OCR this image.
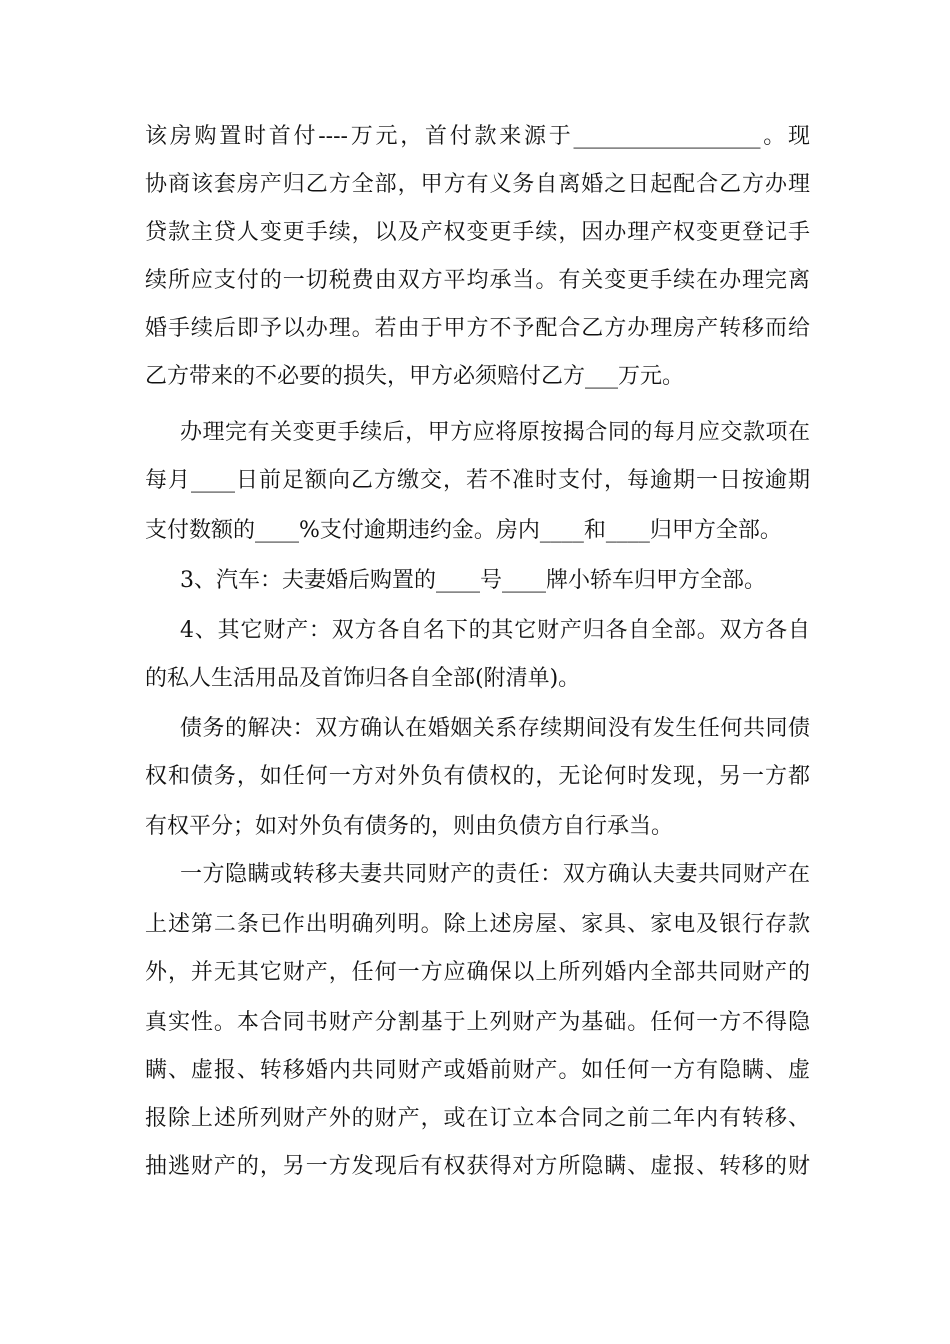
该房购置时首付----万元，首付款来源于_________________。现
协商该套房产归乙方全部，甲方有义务自离婚之日起配合乙方办理
贷款主贷人变更手续，以及产权变更手续，因办理产权变更登记手
续所应支付的一切税费由双方平均承当。有关变更手续在办理完离
婚手续后即予以办理。若由于甲方不予配合乙方办理房产转移而给
乙方带来的不必要的损失，甲方必须赔付乙方___万元。
办理完有关变更手续后，甲方应将原按揭合同的每月应交款项在
每月____日前足额向乙方缴交，若不准时支付，每逾期一日按逾期
支付数额的____%支付逾期违约金。房内____和____归甲方全部。
3、汽车：夫妻婚后购置的____号____牌小轿车归甲方全部。
4、其它财产：双方各自名下的其它财产归各自全部。双方各自
的私人生活用品及首饰归各自全部(附清单)。
债务的解决：双方确认在婚姻关系存续期间没有发生任何共同债
权和债务，如任何一方对外负有债权的，无论何时发现，另一方都
有权平分；如对外负有债务的，则由负债方自行承当。
一方隐瞒或转移夫妻共同财产的责任：双方确认夫妻共同财产在
上述第二条已作出明确列明。除上述房屋、家具、家电及银行存款
外，并无其它财产，任何一方应确保以上所列婚内全部共同财产的
真实性。本合同书财产分割基于上列财产为基础。任何一方不得隐
瞒、虚报、转移婚内共同财产或婚前财产。如任何一方有隐瞒、虚
报除上述所列财产外的财产，或在订立本合同之前二年内有转移、
抽逃财产的，另一方发现后有权获得对方所隐瞒、虚报、转移的财
